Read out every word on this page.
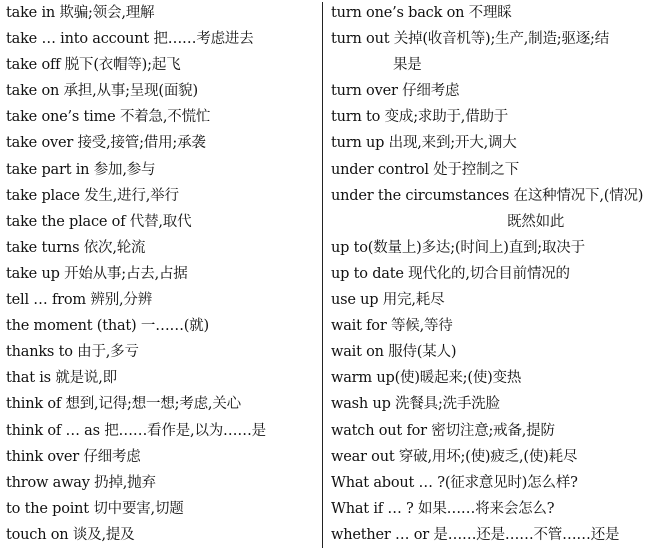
take in 欺骗;领会,理解
take … into account 把……考虑进去
take off 脱下(衣帽等);起飞
take on 承担,从事;呈现(面貌)
take one’s time 不着急,不慌忙
take over 接受,接管;借用;承袭
take part in 参加,参与
take place 发生,进行,举行
take the place of 代替,取代
take turns 依次,轮流
take up 开始从事;占去,占据
tell … from 辨别,分辨
the moment (that) 一……(就)
thanks to 由于,多亏
that is 就是说,即
think of 想到,记得;想一想;考虑,关心
think of … as 把……看作是,以为……是
think over 仔细考虑
throw away 扔掉,抛弃
to the point 切中要害,切题
touch on 谈及,提及
turn one’s back on 不理睬
turn out 关掉(收音机等);生产,制造;驱逐;结
果是
turn over 仔细考虑
turn to 变成;求助于,借助于
turn up 出现,来到;开大,调大
under control 处于控制之下
under the circumstances 在这种情况下,(情况)
既然如此
up to(数量上)多达;(时间上)直到;取决于
up to date 现代化的,切合目前情况的
use up 用完,耗尽
wait for 等候,等待
wait on 服侍(某人)
warm up(使)暖起来;(使)变热
wash up 洗餐具;洗手洗脸
watch out for 密切注意;戒备,提防
wear out 穿破,用坏;(使)疲乏,(使)耗尽
What about … ?(征求意见时)怎么样?
What if … ? 如果……将来会怎么?
whether … or 是……还是……不管……还是
